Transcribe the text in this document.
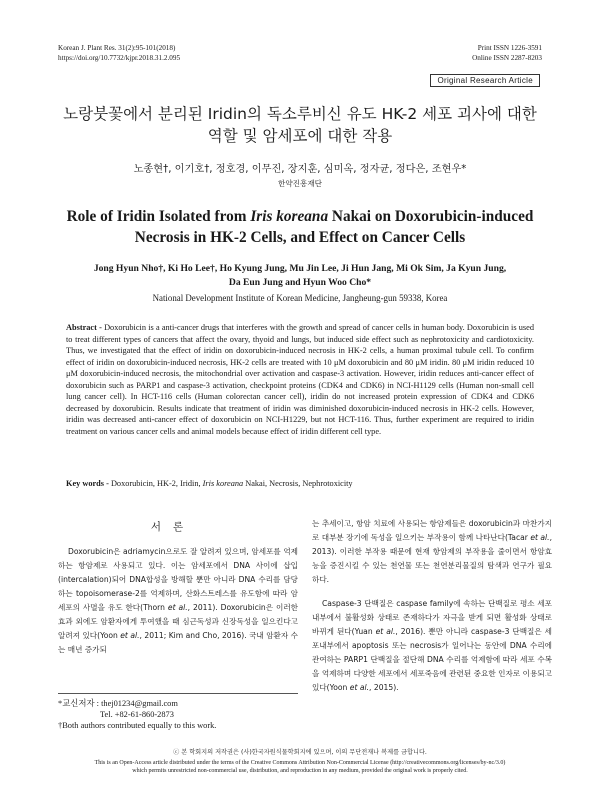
Korean J. Plant Res. 31(2):95-101(2018)
https://doi.org/10.7732/kjpr.2018.31.2.095
Print ISSN 1226-3591
Online ISSN 2287-8203
Original Research Article
노랑붓꽃에서 분리된 Iridin의 독소루비신 유도 HK-2 세포 괴사에 대한
역할 및 암세포에 대한 작용
노종현†, 이기호†, 정호경, 이무진, 장지훈, 심미옥, 정자균, 정다은, 조현우*
한약진흥재단
Role of Iridin Isolated from Iris koreana Nakai on Doxorubicin-induced
Necrosis in HK-2 Cells, and Effect on Cancer Cells
Jong Hyun Nho†, Ki Ho Lee†, Ho Kyung Jung, Mu Jin Lee, Ji Hun Jang, Mi Ok Sim, Ja Kyun Jung,
Da Eun Jung and Hyun Woo Cho*
National Development Institute of Korean Medicine, Jangheung-gun 59338, Korea
Abstract - Doxorubicin is a anti-cancer drugs that interferes with the growth and spread of cancer cells in human body. Doxorubicin is used to treat different types of cancers that affect the ovary, thyoid and lungs, but induced side effect such as nephrotoxicity and cardiotoxicity. Thus, we investigated that the effect of iridin on doxorubicin-induced necrosis in HK-2 cells, a human proximal tubule cell. To confirm effect of iridin on doxorubicin-induced necrosis, HK-2 cells are treated with 10 μM doxorubicin and 80 μM iridin. 80 μM iridin reduced 10 μM doxorubicin-induced necrosis, the mitochondrial over activation and caspase-3 activation. However, iridin reduces anti-cancer effect of doxorubicin such as PARP1 and caspase-3 activation, checkpoint proteins (CDK4 and CDK6) in NCI-H1129 cells (Human non-small cell lung cancer cell). In HCT-116 cells (Human colorectan cancer cell), iridin do not increased protein expression of CDK4 and CDK6 decreased by doxorubicin. Results indicate that treatment of iridin was diminished doxorubicin-induced necrosis in HK-2 cells. However, iridin was decreased anti-cancer effect of doxorubicin on NCI-H1229, but not HCT-116. Thus, further experiment are required to iridin treatment on various cancer cells and animal models because effect of iridin different cell type.
Key words - Doxorubicin, HK-2, Iridin, Iris koreana Nakai, Necrosis, Nephrotoxicity
서론

Doxorubicin은 adriamycin으로도 잘 알려져 있으며, 암세포를 억제하는 항암제로 사용되고 있다. 이는 암세포에서 DNA 사이에 삽입(intercalation)되어 DNA합성을 방해할 뿐만 아니라 DNA 수리를 담당하는 topoisomerase-2를 억제하며, 산화스트레스를 유도함에 따라 암세포의 사멸을 유도 한다(Thorn et al., 2011). Doxorubicin은 이러한 효과 외에도 암환자에게 투여했을 때 심근독성과 신장독성을 일으킨다고 알려져 있다(Yoon et al., 2011; Kim and Cho, 2016). 국내 암환자 수는 매년 증가되

는 추세이고, 항암 치료에 사용되는 항암제들은 doxorubicin과 마찬가지로 대부분 장기에 독성을 일으키는 부작용이 함께 나타난다(Tacar et al., 2013). 이러한 부작용 때문에 현재 항암제의 부작용을 줄이면서 항암효능을 증진시킬 수 있는 천연물 또는 천연분리물질의 탐색과 연구가 필요하다.

Caspase-3 단백질은 caspase family에 속하는 단백질로 평소 세포내부에서 불활성화 상태로 존재하다가 자극을 받게 되면 활성화 상태로 바뀌게 된다(Yuan et al., 2016). 뿐만 아니라 caspase-3 단백질은 세포내부에서 apoptosis 또는 necrosis가 일어나는 동안에 DNA 수리에 관여하는 PARP1 단백질을 절단해 DNA 수리를 억제함에 따라 세포 수복을 억제하며 다양한 세포에서 세포죽음에 관련된 중요한 인자로 이용되고 있다(Yoon et al., 2015).

*교신저자 : thej01234@gmail.com
Tel. +82-61-860-2873
†Both authors contributed equally to this work.
ⓒ 본 학회지의 저작권은 (사)한국자원식물학회지에 있으며, 이의 무단전재나 복제를 금합니다.
This is an Open-Access article distributed under the terms of the Creative Commons Attribution Non-Commercial License (http://creativecommons.org/licenses/by-nc/3.0)
which permits unrestricted non-commercial use, distribution, and reproduction in any medium, provided the original work is properly cited.
